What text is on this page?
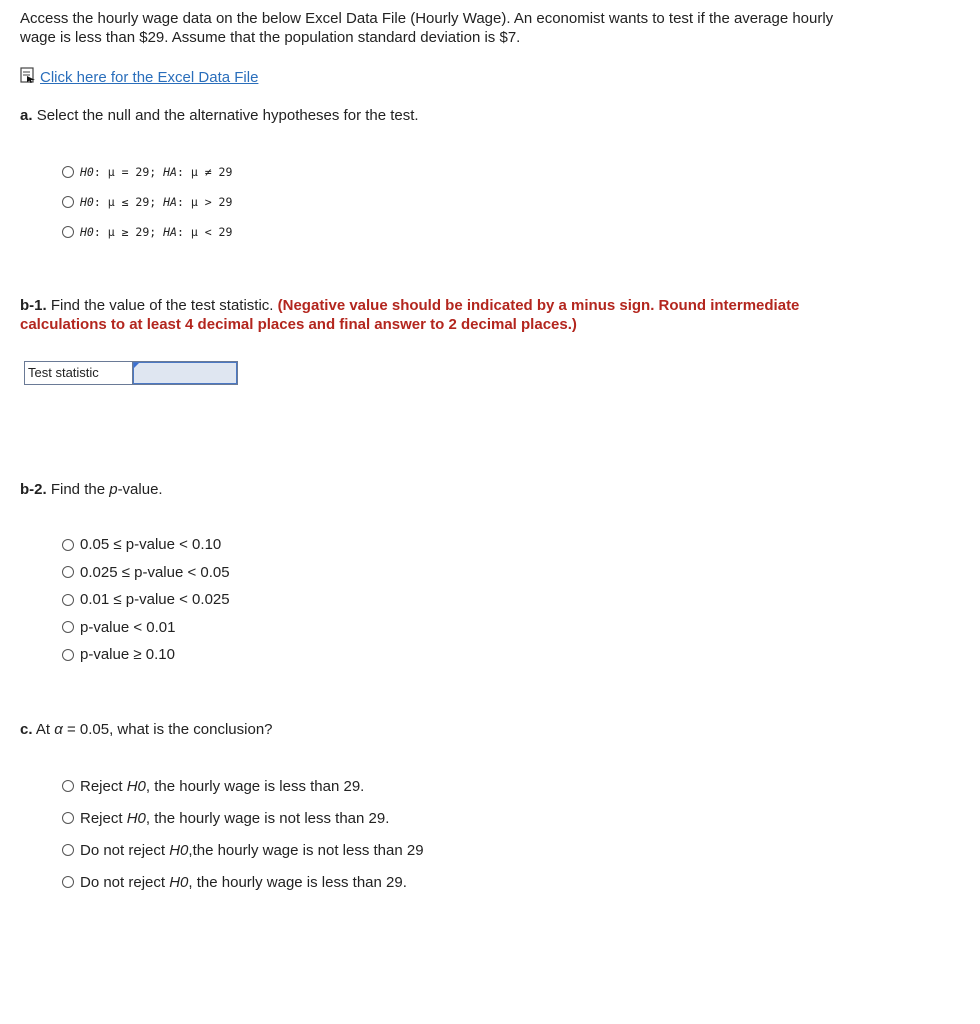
Access the hourly wage data on the below Excel Data File (Hourly Wage). An economist wants to test if the average hourly
wage is less than $29. Assume that the population standard deviation is $7.
Click here for the Excel Data File
a. Select the null and the alternative hypotheses for the test.
H0: μ = 29; HA: μ ≠ 29
H0: μ ≤ 29; HA: μ > 29
H0: μ ≥ 29; HA: μ < 29
b-1. Find the value of the test statistic. (Negative value should be indicated by a minus sign. Round intermediate
calculations to at least 4 decimal places and final answer to 2 decimal places.)
Test statistic
b-2. Find the p-value.
0.05 ≤ p-value < 0.10
0.025 ≤ p-value < 0.05
0.01 ≤ p-value < 0.025
p-value < 0.01
p-value ≥ 0.10
c. At α = 0.05, what is the conclusion?
Reject H0, the hourly wage is less than 29.
Reject H0, the hourly wage is not less than 29.
Do not reject H0,the hourly wage is not less than 29
Do not reject H0, the hourly wage is less than 29.
